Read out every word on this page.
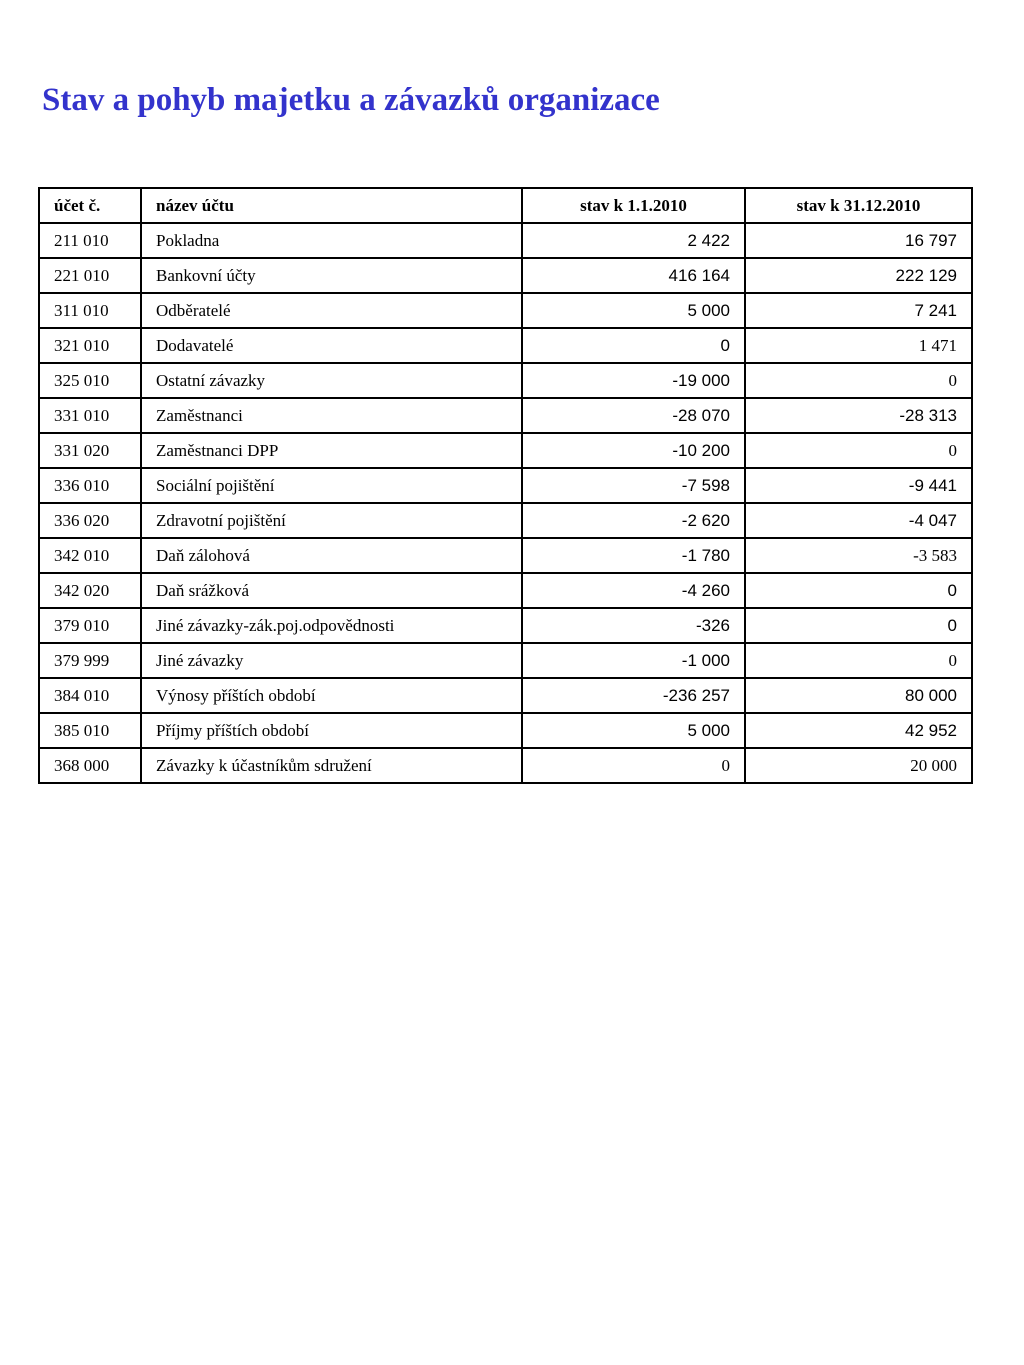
Stav a pohyb majetku a závazků organizace
účet č.	název účtu	stav k 1.1.2010	stav k 31.12.2010
211 010	Pokladna	2 422	16 797
221 010	Bankovní účty	416 164	222 129
311 010	Odběratelé	5 000	7 241
321 010	Dodavatelé	0	1 471
325 010	Ostatní závazky	-19 000	0
331 010	Zaměstnanci	-28 070	-28 313
331 020	Zaměstnanci DPP	-10 200	0
336 010	Sociální pojištění	-7 598	-9 441
336 020	Zdravotní pojištění	-2 620	-4 047
342 010	Daň zálohová	-1 780	-3 583
342 020	Daň srážková	-4 260	0
379 010	Jiné závazky-zák.poj.odpovědnosti	-326	0
379 999	Jiné závazky	-1 000	0
384 010	Výnosy příštích období	-236 257	80 000
385 010	Příjmy příštích období	5 000	42 952
368 000	Závazky k účastníkům sdružení	0	20 000
